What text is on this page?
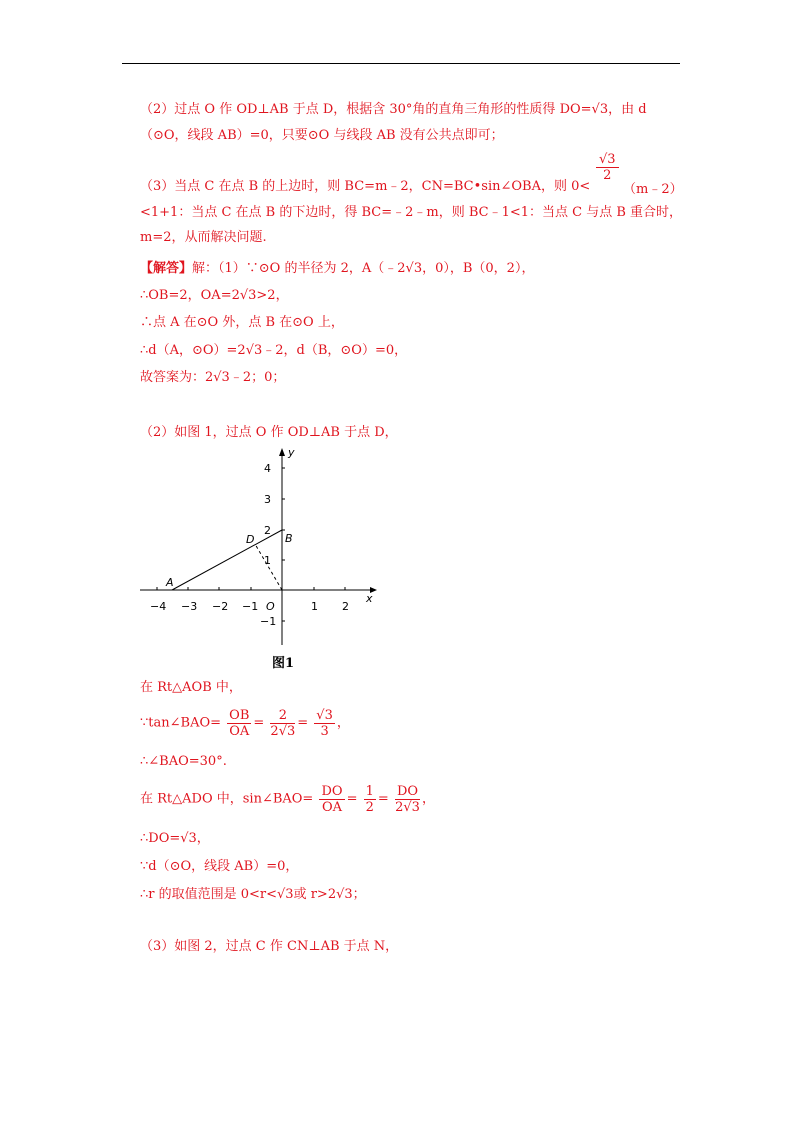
（2）过点 O 作 OD⊥AB 于点 D，根据含 30°角的直角三角形的性质得 DO=√3，由 d
（⊙O，线段 AB）=0，只要⊙O 与线段 AB 没有公共点即可；
（3）当点 C 在点 B 的上边时，则 BC=m﹣2，CN=BC•sin∠OBA，则 0<
$\frac{√3}{2}$
（m﹣2）
<1+1：当点 C 在点 B 的下边时，得 BC=﹣2﹣m，则 BC﹣1<1：当点 C 与点 B 重合时，
m=2，从而解决问题.
【解答】解：（1）∵⊙O 的半径为 2，A（﹣2√3，0），B（0，2），
∴OB=2，OA=2√3>2，
∴点 A 在⊙O 外，点 B 在⊙O 上，
∴d（A，⊙O）=2√3﹣2，d（B，⊙O）=0，
故答案为：2√3﹣2；0；
（2）如图 1，过点 O 作 OD⊥AB 于点 D，
x
y
−4 −3 −2 −1	1 2
4
3
2
1
−1
O
A
B
D
图1
在 Rt△AOB 中，
∵tan∠BAO= $\frac{OB}{OA} = \frac{2}{2√3} = \frac{√3}{3}$ ，
∴∠BAO=30°.
在 Rt△ADO 中，sin∠BAO= $\frac{DO}{OA} = \frac{1}{2} = \frac{DO}{2√3}$ ，
∴DO=√3，
∵d（⊙O，线段 AB）=0，
∴r 的取值范围是 0<r<√3或 r>2√3；
（3）如图 2，过点 C 作 CN⊥AB 于点 N，
